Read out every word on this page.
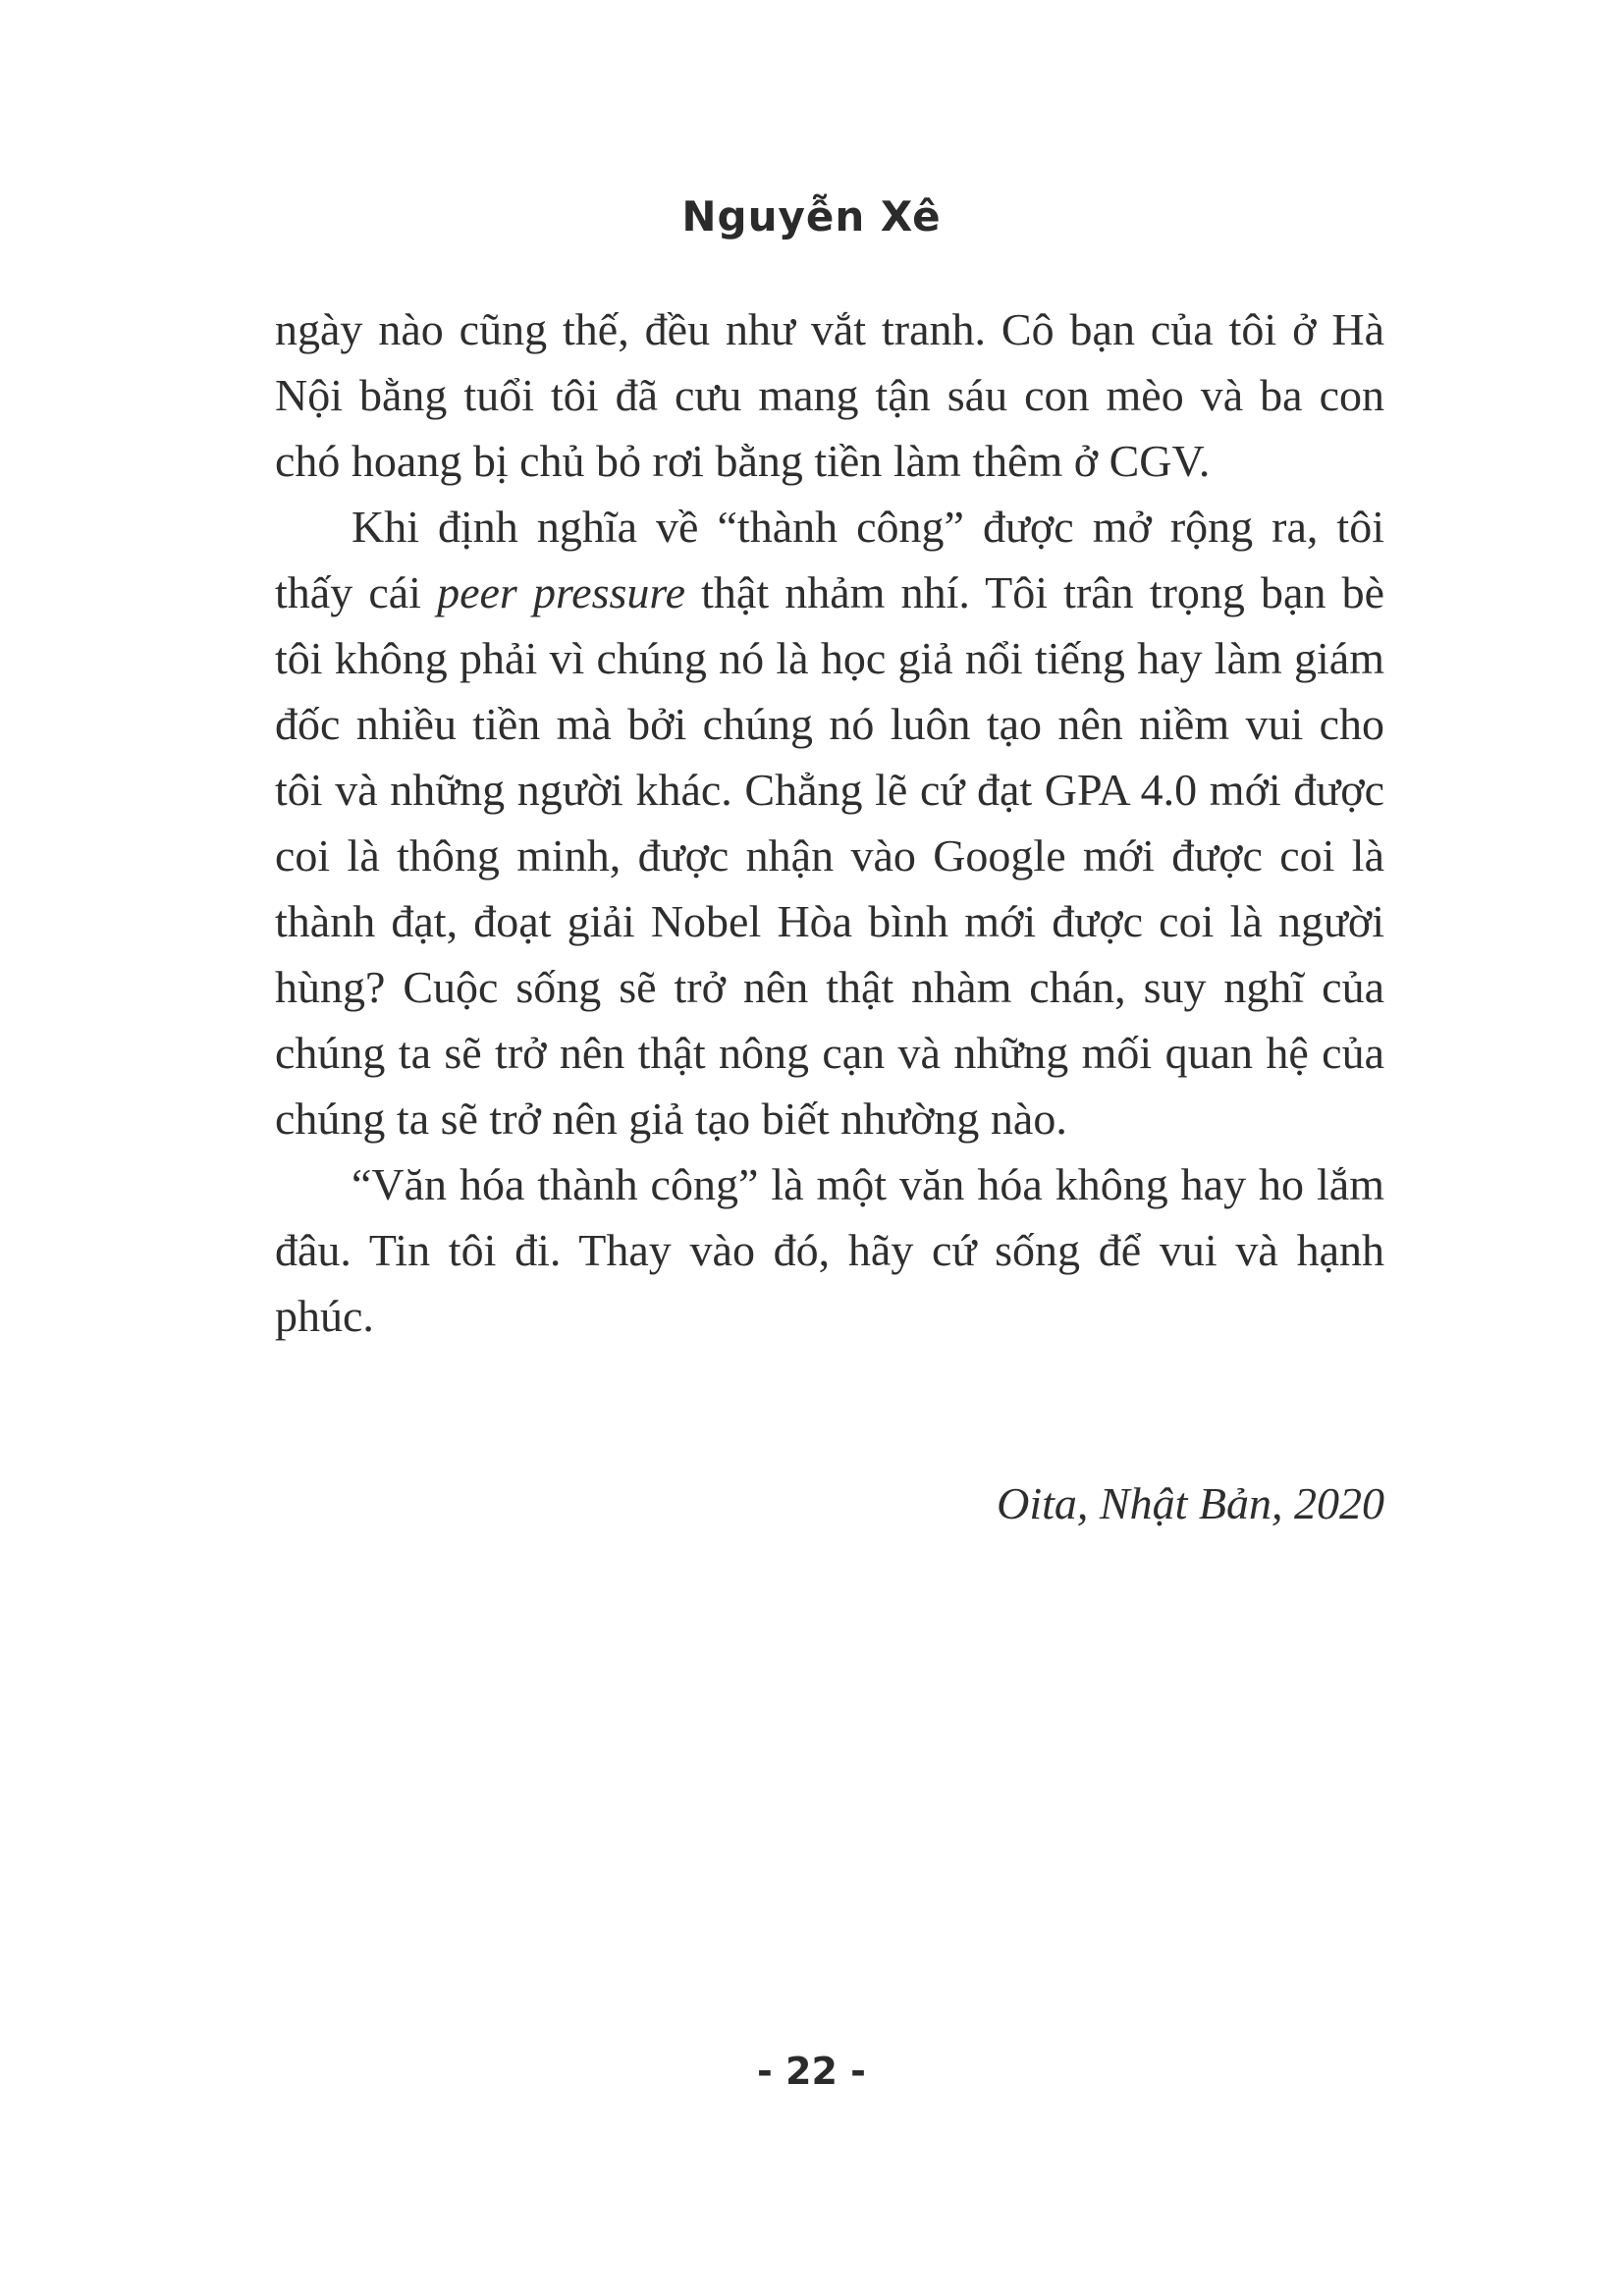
Nguyễn Xê

ngày nào cũng thế, đều như vắt tranh. Cô bạn của tôi ở Hà Nội bằng tuổi tôi đã cưu mang tận sáu con mèo và ba con chó hoang bị chủ bỏ rơi bằng tiền làm thêm ở CGV.

Khi định nghĩa về “thành công” được mở rộng ra, tôi thấy cái peer pressure thật nhảm nhí. Tôi trân trọng bạn bè tôi không phải vì chúng nó là học giả nổi tiếng hay làm giám đốc nhiều tiền mà bởi chúng nó luôn tạo nên niềm vui cho tôi và những người khác. Chẳng lẽ cứ đạt GPA 4.0 mới được coi là thông minh, được nhận vào Google mới được coi là thành đạt, đoạt giải Nobel Hòa bình mới được coi là người hùng? Cuộc sống sẽ trở nên thật nhàm chán, suy nghĩ của chúng ta sẽ trở nên thật nông cạn và những mối quan hệ của chúng ta sẽ trở nên giả tạo biết nhường nào.

“Văn hóa thành công” là một văn hóa không hay ho lắm đâu. Tin tôi đi. Thay vào đó, hãy cứ sống để vui và hạnh phúc.

Oita, Nhật Bản, 2020
- 22 -
